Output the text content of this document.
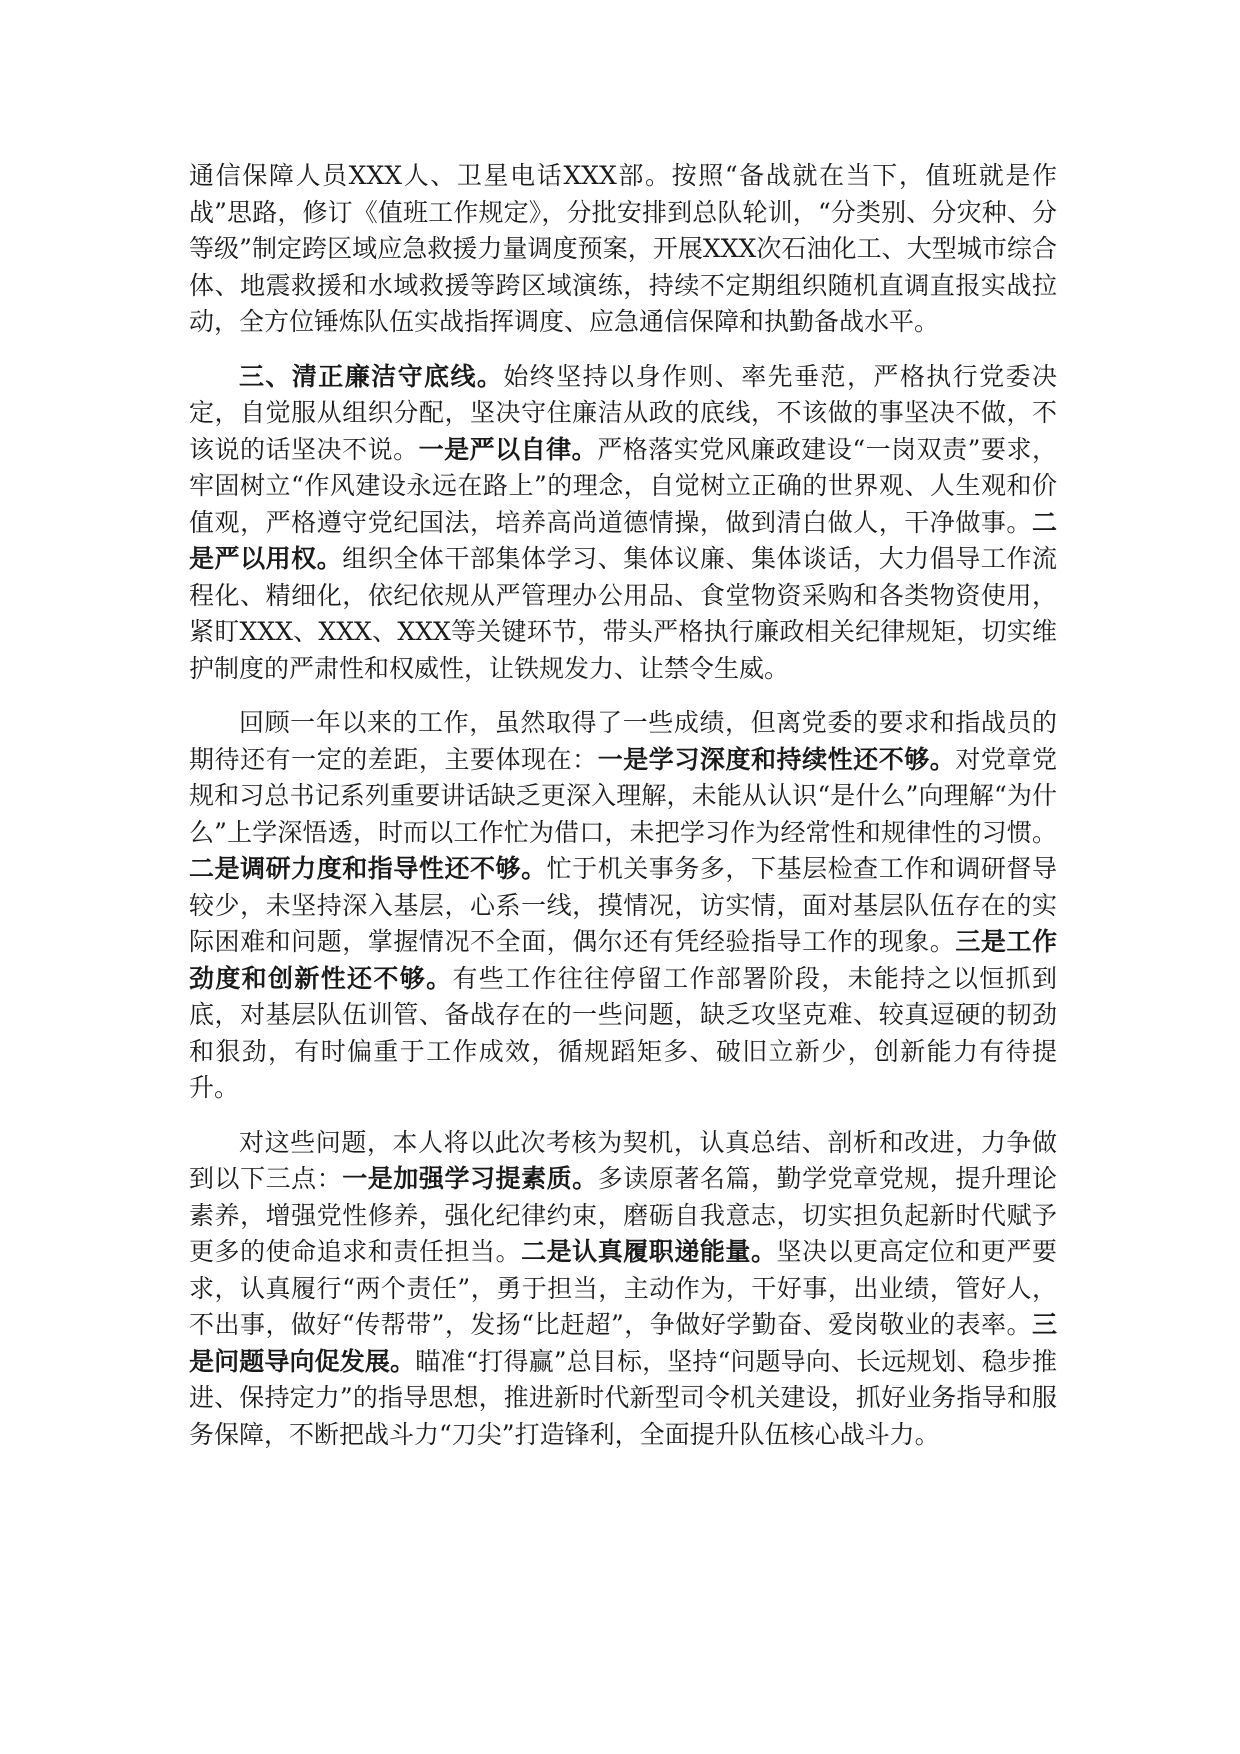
通信保障人员XXX人、卫星电话XXX部。按照“备战就在当下，值班就是作战”思路，修订《值班工作规定》，分批安排到总队轮训，“分类别、分灾种、分等级”制定跨区域应急救援力量调度预案，开展XXX次石油化工、大型城市综合体、地震救援和水域救援等跨区域演练，持续不定期组织随机直调直报实战拉动，全方位锤炼队伍实战指挥调度、应急通信保障和执勤备战水平。

三、清正廉洁守底线。始终坚持以身作则、率先垂范，严格执行党委决定，自觉服从组织分配，坚决守住廉洁从政的底线，不该做的事坚决不做，不该说的话坚决不说。一是严以自律。严格落实党风廉政建设“一岗双责”要求，牢固树立“作风建设永远在路上”的理念，自觉树立正确的世界观、人生观和价值观，严格遵守党纪国法，培养高尚道德情操，做到清白做人，干净做事。二是严以用权。组织全体干部集体学习、集体议廉、集体谈话，大力倡导工作流程化、精细化，依纪依规从严管理办公用品、食堂物资采购和各类物资使用，紧盯XXX、XXX、XXX等关键环节，带头严格执行廉政相关纪律规矩，切实维护制度的严肃性和权威性，让铁规发力、让禁令生威。

回顾一年以来的工作，虽然取得了一些成绩，但离党委的要求和指战员的期待还有一定的差距，主要体现在：一是学习深度和持续性还不够。对党章党规和习总书记系列重要讲话缺乏更深入理解，未能从认识“是什么”向理解“为什么”上学深悟透，时而以工作忙为借口，未把学习作为经常性和规律性的习惯。二是调研力度和指导性还不够。忙于机关事务多，下基层检查工作和调研督导较少，未坚持深入基层，心系一线，摸情况，访实情，面对基层队伍存在的实际困难和问题，掌握情况不全面，偶尔还有凭经验指导工作的现象。三是工作劲度和创新性还不够。有些工作往往停留工作部署阶段，未能持之以恒抓到底，对基层队伍训管、备战存在的一些问题，缺乏攻坚克难、较真逗硬的韧劲和狠劲，有时偏重于工作成效，循规蹈矩多、破旧立新少，创新能力有待提升。

对这些问题，本人将以此次考核为契机，认真总结、剖析和改进，力争做到以下三点：一是加强学习提素质。多读原著名篇，勤学党章党规，提升理论素养，增强党性修养，强化纪律约束，磨砺自我意志，切实担负起新时代赋予更多的使命追求和责任担当。二是认真履职递能量。坚决以更高定位和更严要求，认真履行“两个责任”，勇于担当，主动作为，干好事，出业绩，管好人，不出事，做好“传帮带”，发扬“比赶超”，争做好学勤奋、爱岗敬业的表率。三是问题导向促发展。瞄准“打得赢”总目标，坚持“问题导向、长远规划、稳步推进、保持定力”的指导思想，推进新时代新型司令机关建设，抓好业务指导和服务保障，不断把战斗力“刀尖”打造锋利，全面提升队伍核心战斗力。
